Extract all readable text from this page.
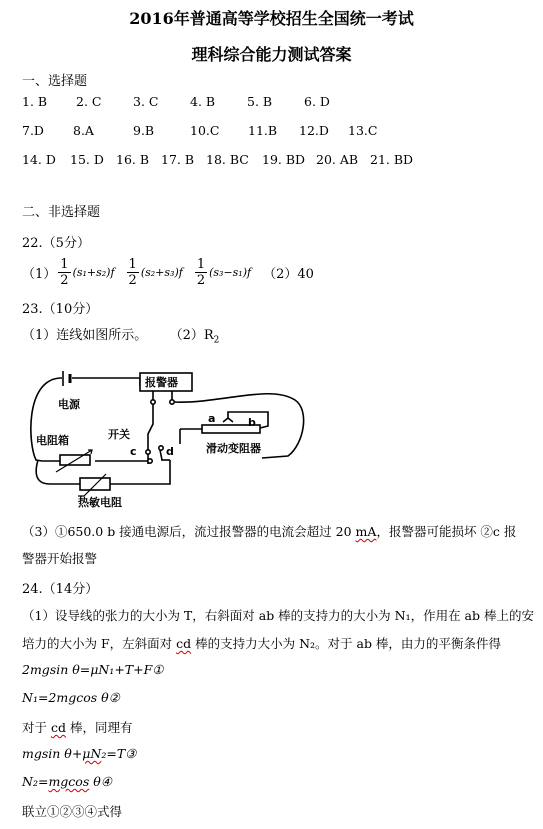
2016年普通高等学校招生全国统一考试
理科综合能力测试答案
一、选择题
1. B 2. C	3. C	4. B	5. B	6. D
7.D 8.A	9.B	10.C 11.B 12.D 13.C
14. D 15. D 16. B 17. B 18. BC 19. BD 20. AB 21. BD
二、非选择题
22.（5分）
$(1) \frac{1}{2} (s_1+s_2)f \frac{1}{2} (s_2+s_3)f \frac{1}{2} (s_3-s_1)f$ （2）40
23.（10分）
（1）连线如图所示。 $(2)R_2$
电源
报警器
开关
电阻箱
热敏电阻
滑动变阻器
a	b
c	d
（3）①650.0 b 接通电源后，流过报警器的电流会超过 20 mA，报警器可能损坏 ②c 报
警器开始报警
24.（14分）
（1）设导线的张力的大小为 T，右斜面对 ab 棒的支持力的大小为 N₁，作用在 ab 棒上的安
培力的大小为 F，左斜面对 cd 棒的支持力大小为 N₂。对于 ab 棒，由力的平衡条件得
2mgsin θ=μN₁+T+F①
N₁=2mgcos θ②
对于 cd 棒，同理有
mgsin θ+μN₂=T③
N₂=mgcos θ④
联立①②③④式得
